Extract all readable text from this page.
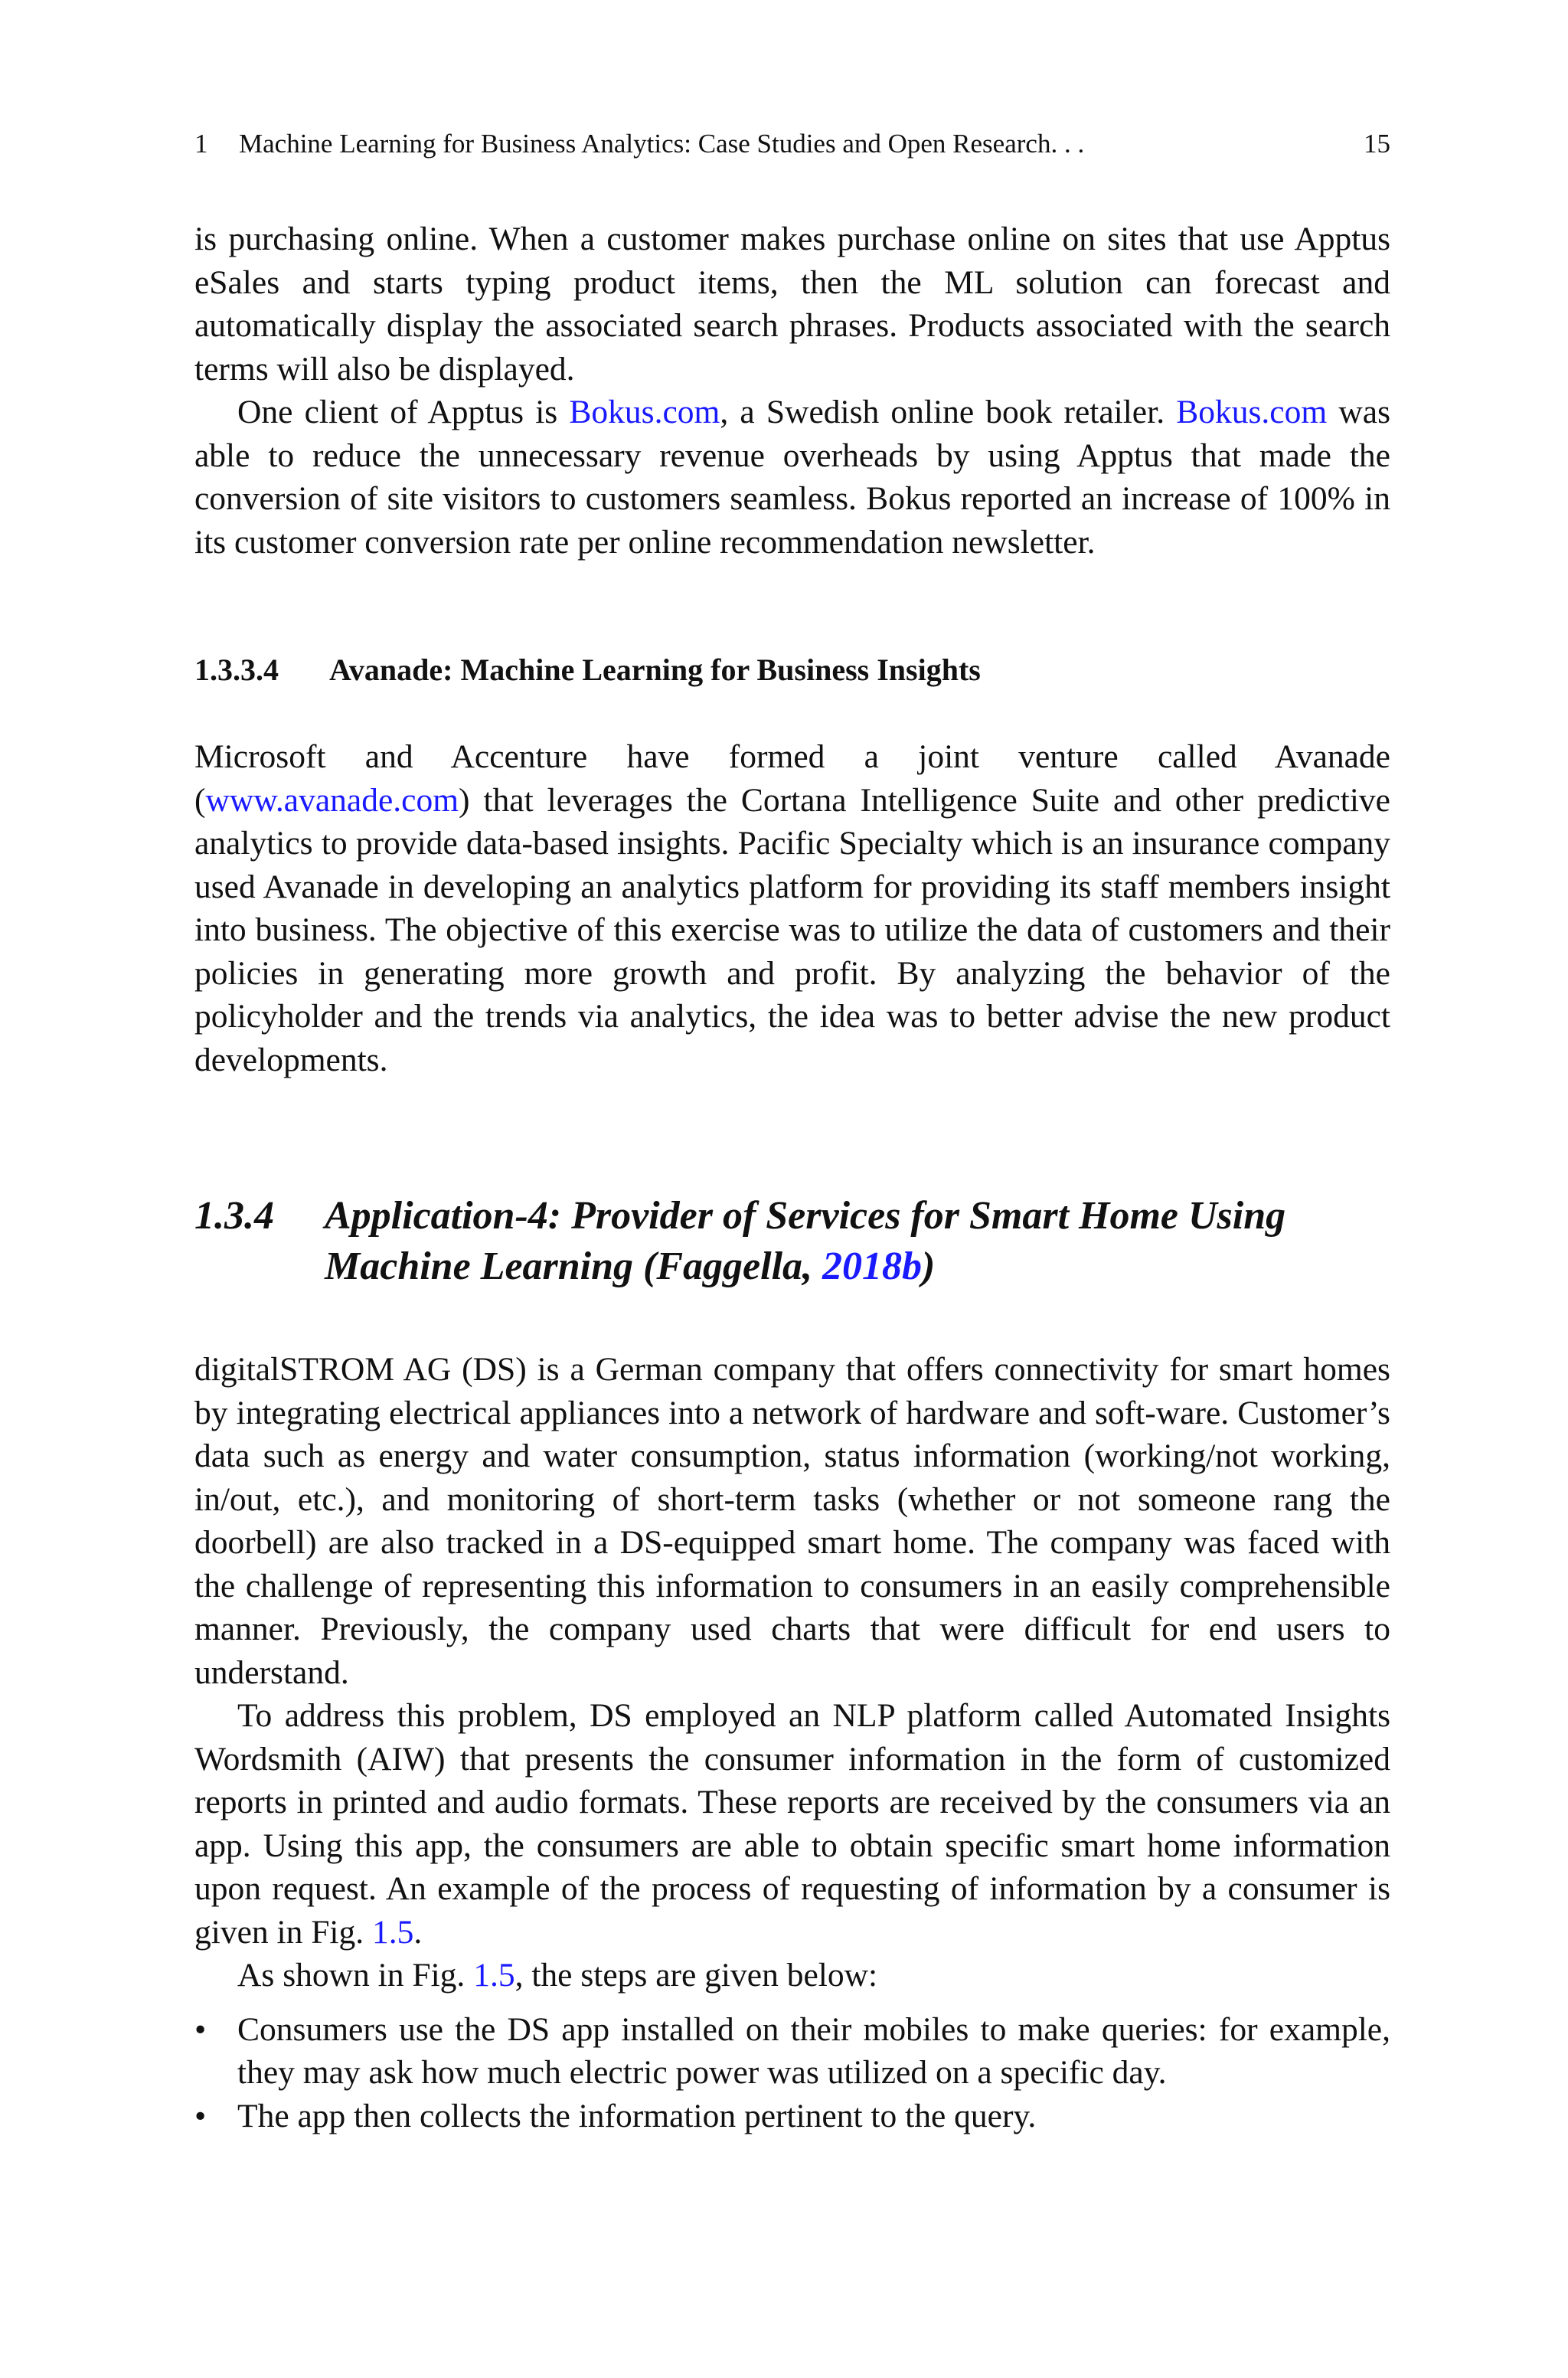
1 Machine Learning for Business Analytics: Case Studies and Open Research. . .	15

is purchasing online. When a customer makes purchase online on sites that use Apptus eSales and starts typing product items, then the ML solution can forecast and automatically display the associated search phrases. Products associated with the search terms will also be displayed.

One client of Apptus is Bokus.com, a Swedish online book retailer. Bokus.com was able to reduce the unnecessary revenue overheads by using Apptus that made the conversion of site visitors to customers seamless. Bokus reported an increase of 100% in its customer conversion rate per online recommendation newsletter.

1.3.3.4 Avanade: Machine Learning for Business Insights

Microsoft and Accenture have formed a joint venture called Avanade (www.avanade.com) that leverages the Cortana Intelligence Suite and other predictive analytics to provide data-based insights. Pacific Specialty which is an insurance company used Avanade in developing an analytics platform for providing its staff members insight into business. The objective of this exercise was to utilize the data of customers and their policies in generating more growth and profit. By analyzing the behavior of the policyholder and the trends via analytics, the idea was to better advise the new product developments.

1.3.4	Application-4: Provider of Services for Smart Home Using Machine Learning (Faggella, 2018b)

digitalSTROM AG (DS) is a German company that offers connectivity for smart homes by integrating electrical appliances into a network of hardware and soft-ware. Customer’s data such as energy and water consumption, status information (working/not working, in/out, etc.), and monitoring of short-term tasks (whether or not someone rang the doorbell) are also tracked in a DS-equipped smart home. The company was faced with the challenge of representing this information to consumers in an easily comprehensible manner. Previously, the company used charts that were difficult for end users to understand.

To address this problem, DS employed an NLP platform called Automated Insights Wordsmith (AIW) that presents the consumer information in the form of customized reports in printed and audio formats. These reports are received by the consumers via an app. Using this app, the consumers are able to obtain specific smart home information upon request. An example of the process of requesting of information by a consumer is given in Fig. 1.5.

As shown in Fig. 1.5, the steps are given below:

• Consumers use the DS app installed on their mobiles to make queries: for example, they may ask how much electric power was utilized on a specific day.
• The app then collects the information pertinent to the query.
